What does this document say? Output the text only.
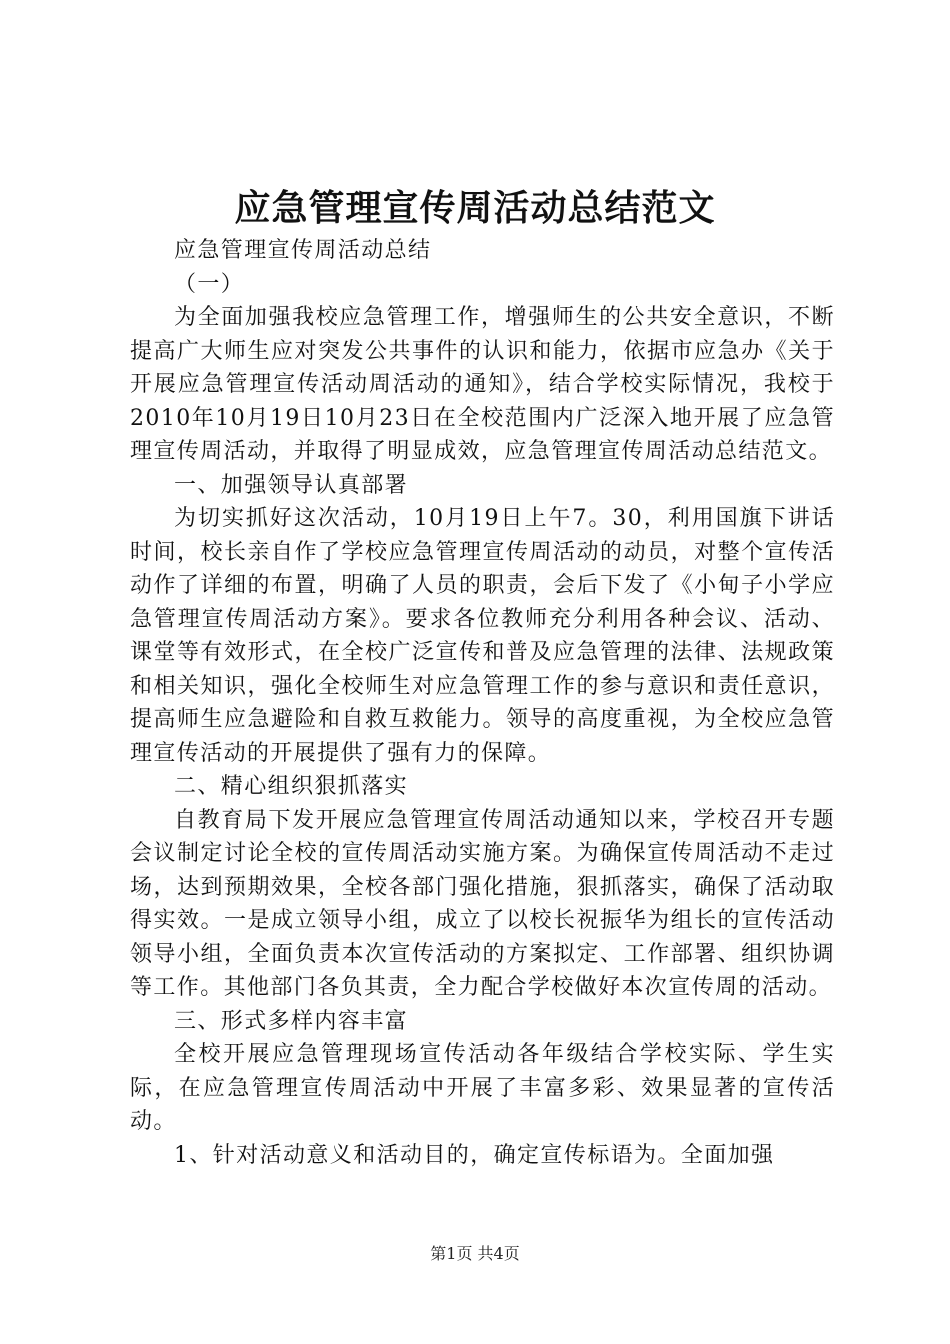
应急管理宣传周活动总结范文

应急管理宣传周活动总结

（一）

为全面加强我校应急管理工作，增强师生的公共安全意识，不断提高广大师生应对突发公共事件的认识和能力，依据市应急办《关于开展应急管理宣传活动周活动的通知》，结合学校实际情况，我校于2010年10月19日10月23日在全校范围内广泛深入地开展了应急管理宣传周活动，并取得了明显成效，应急管理宣传周活动总结范文。

一、加强领导认真部署

为切实抓好这次活动，10月19日上午7。30，利用国旗下讲话时间，校长亲自作了学校应急管理宣传周活动的动员，对整个宣传活动作了详细的布置，明确了人员的职责，会后下发了《小甸子小学应急管理宣传周活动方案》。要求各位教师充分利用各种会议、活动、课堂等有效形式，在全校广泛宣传和普及应急管理的法律、法规政策和相关知识，强化全校师生对应急管理工作的参与意识和责任意识，提高师生应急避险和自救互救能力。领导的高度重视，为全校应急管理宣传活动的开展提供了强有力的保障。

二、精心组织狠抓落实

自教育局下发开展应急管理宣传周活动通知以来，学校召开专题会议制定讨论全校的宣传周活动实施方案。为确保宣传周活动不走过场，达到预期效果，全校各部门强化措施，狠抓落实，确保了活动取得实效。一是成立领导小组，成立了以校长祝振华为组长的宣传活动领导小组，全面负责本次宣传活动的方案拟定、工作部署、组织协调等工作。其他部门各负其责，全力配合学校做好本次宣传周的活动。

三、形式多样内容丰富

全校开展应急管理现场宣传活动各年级结合学校实际、学生实际，在应急管理宣传周活动中开展了丰富多彩、效果显著的宣传活动。

1、针对活动意义和活动目的，确定宣传标语为。全面加强

第1页 共4页
